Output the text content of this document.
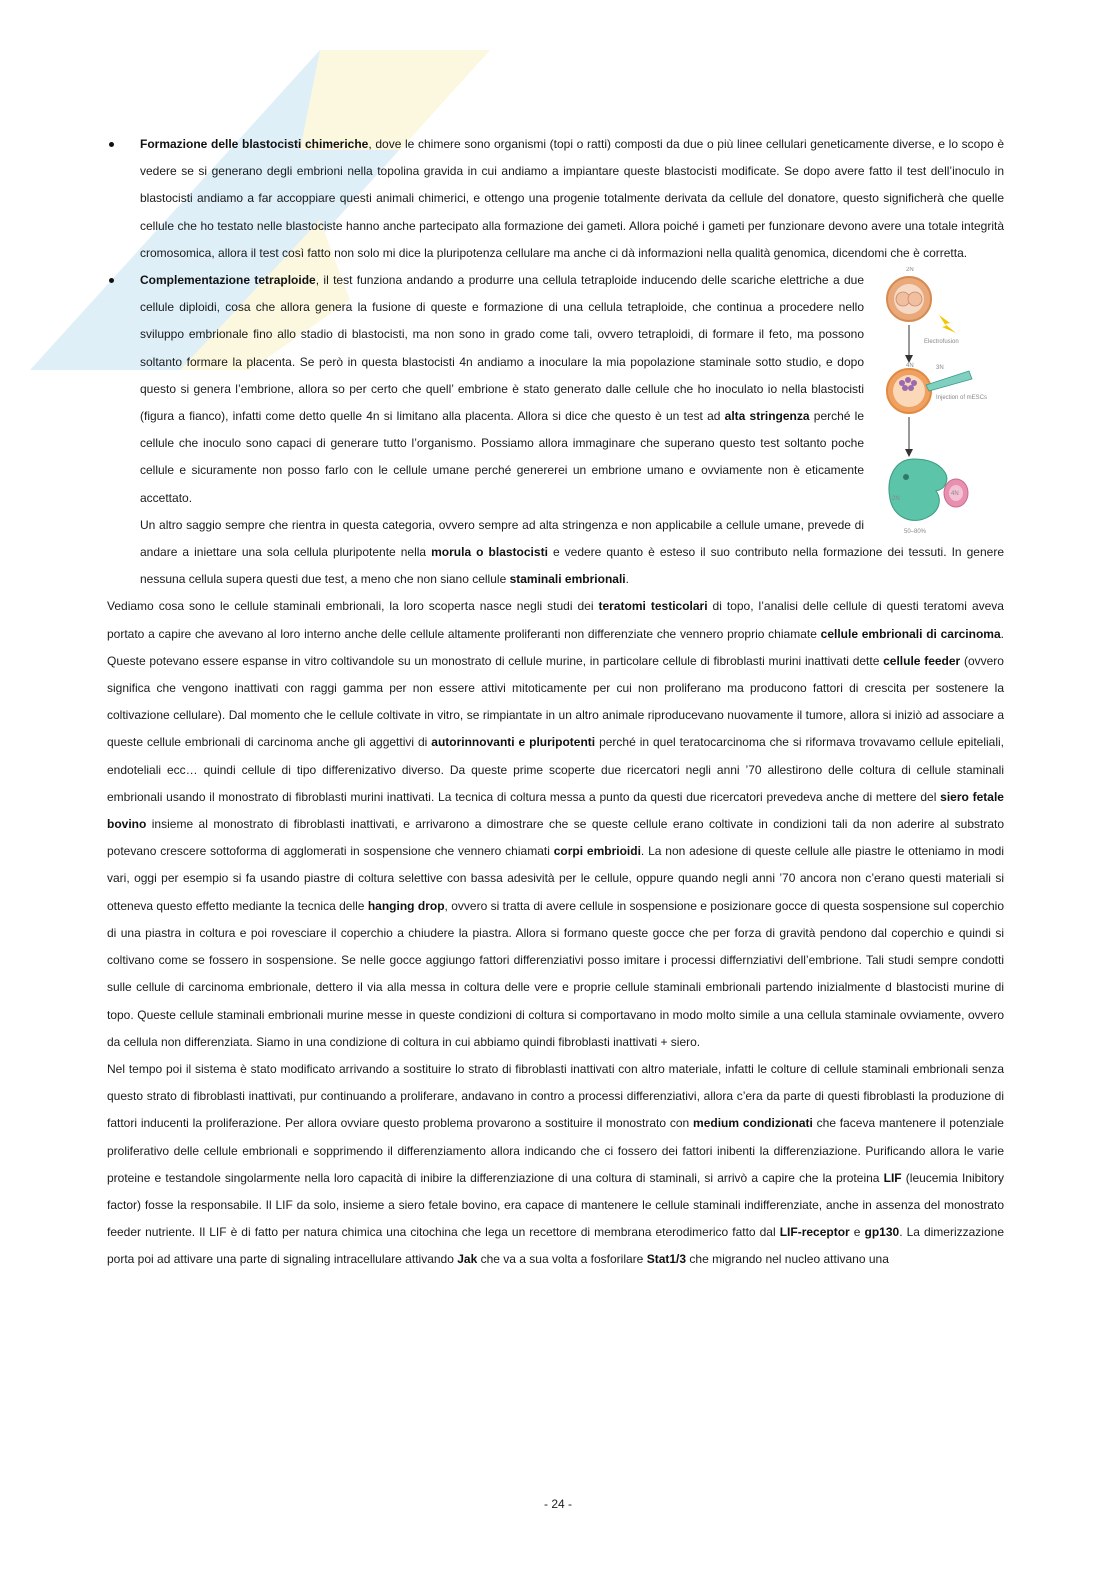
Formazione delle blastocisti chimeriche, dove le chimere sono organismi (topi o ratti) composti da due o più linee cellulari geneticamente diverse, e lo scopo è vedere se si generano degli embrioni nella topolina gravida in cui andiamo a impiantare queste blastocisti modificate. Se dopo avere fatto il test dell’inoculo in blastocisti andiamo a far accoppiare questi animali chimerici, e ottengo una progenie totalmente derivata da cellule del donatore, questo significherà che quelle cellule che ho testato nelle blastociste hanno anche partecipato alla formazione dei gameti. Allora poiché i gameti per funzionare devono avere una totale integrità cromosomica, allora il test così fatto non solo mi dice la pluripotenza cellulare ma anche ci dà informazioni nella qualità genomica, dicendomi che è corretta.

2N
Electrofusion
4N	3N
Injection of mESCs
2N
4N
50–80%

Complementazione tetraploide, il test funziona andando a produrre una cellula tetraploide inducendo delle scariche elettriche a due cellule diploidi, cosa che allora genera la fusione di queste e formazione di una cellula tetraploide, che continua a procedere nello sviluppo embrionale fino allo stadio di blastocisti, ma non sono in grado come tali, ovvero tetraploidi, di formare il feto, ma possono soltanto formare la placenta. Se però in questa blastocisti 4n andiamo a inoculare la mia popolazione staminale sotto studio, e dopo questo si genera l’embrione, allora so per certo che quell’ embrione è stato generato dalle cellule che ho inoculato io nella blastocisti (figura a fianco), infatti come detto quelle 4n si limitano alla placenta. Allora si dice che questo è un test ad alta stringenza perché le cellule che inoculo sono capaci di generare tutto l’organismo. Possiamo allora immaginare che superano questo test soltanto poche cellule e sicuramente non posso farlo con le cellule umane perché genererei un embrione umano e ovviamente non è eticamente accettato.

Un altro saggio sempre che rientra in questa categoria, ovvero sempre ad alta stringenza e non applicabile a cellule umane, prevede di andare a iniettare una sola cellula pluripotente nella morula o blastocisti e vedere quanto è esteso il suo contributo nella formazione dei tessuti. In genere nessuna cellula supera questi due test, a meno che non siano cellule staminali embrionali.

Vediamo cosa sono le cellule staminali embrionali, la loro scoperta nasce negli studi dei teratomi testicolari di topo, l’analisi delle cellule di questi teratomi aveva portato a capire che avevano al loro interno anche delle cellule altamente proliferanti non differenziate che vennero proprio chiamate cellule embrionali di carcinoma. Queste potevano essere espanse in vitro coltivandole su un monostrato di cellule murine, in particolare cellule di fibroblasti murini inattivati dette cellule feeder (ovvero significa che vengono inattivati con raggi gamma per non essere attivi mitoticamente per cui non proliferano ma producono fattori di crescita per sostenere la coltivazione cellulare). Dal momento che le cellule coltivate in vitro, se rimpiantate in un altro animale riproducevano nuovamente il tumore, allora si iniziò ad associare a queste cellule embrionali di carcinoma anche gli aggettivi di autorinnovanti e pluripotenti perché in quel teratocarcinoma che si riformava trovavamo cellule epiteliali, endoteliali ecc… quindi cellule di tipo differenizativo diverso. Da queste prime scoperte due ricercatori negli anni ’70 allestirono delle coltura di cellule staminali embrionali usando il monostrato di fibroblasti murini inattivati. La tecnica di coltura messa a punto da questi due ricercatori prevedeva anche di mettere del siero fetale bovino insieme al monostrato di fibroblasti inattivati, e arrivarono a dimostrare che se queste cellule erano coltivate in condizioni tali da non aderire al substrato potevano crescere sottoforma di agglomerati in sospensione che vennero chiamati corpi embrioidi. La non adesione di queste cellule alle piastre le otteniamo in modi vari, oggi per esempio si fa usando piastre di coltura selettive con bassa adesività per le cellule, oppure quando negli anni ’70 ancora non c’erano questi materiali si otteneva questo effetto mediante la tecnica delle hanging drop, ovvero si tratta di avere cellule in sospensione e posizionare gocce di questa sospensione sul coperchio di una piastra in coltura e poi rovesciare il coperchio a chiudere la piastra. Allora si formano queste gocce che per forza di gravità pendono dal coperchio e quindi si coltivano come se fossero in sospensione. Se nelle gocce aggiungo fattori differenziativi posso imitare i processi differnziativi dell’embrione. Tali studi sempre condotti sulle cellule di carcinoma embrionale, dettero il via alla messa in coltura delle vere e proprie cellule staminali embrionali partendo inizialmente d blastocisti murine di topo. Queste cellule staminali embrionali murine messe in queste condizioni di coltura si comportavano in modo molto simile a una cellula staminale ovviamente, ovvero da cellula non differenziata. Siamo in una condizione di coltura in cui abbiamo quindi fibroblasti inattivati + siero.

Nel tempo poi il sistema è stato modificato arrivando a sostituire lo strato di fibroblasti inattivati con altro materiale, infatti le colture di cellule staminali embrionali senza questo strato di fibroblasti inattivati, pur continuando a proliferare, andavano in contro a processi differenziativi, allora c’era da parte di questi fibroblasti la produzione di fattori inducenti la proliferazione. Per allora ovviare questo problema provarono a sostituire il monostrato con medium condizionati che faceva mantenere il potenziale proliferativo delle cellule embrionali e sopprimendo il differenziamento allora indicando che ci fossero dei fattori inibenti la differenziazione. Purificando allora le varie proteine e testandole singolarmente nella loro capacità di inibire la differenziazione di una coltura di staminali, si arrivò a capire che la proteina LIF (leucemia Inibitory factor) fosse la responsabile. Il LIF da solo, insieme a siero fetale bovino, era capace di mantenere le cellule staminali indifferenziate, anche in assenza del monostrato feeder nutriente. Il LIF è di fatto per natura chimica una citochina che lega un recettore di membrana eterodimerico fatto dal LIF-receptor e gp130. La dimerizzazione porta poi ad attivare una parte di signaling intracellulare attivando Jak che va a sua volta a fosforilare Stat1/3 che migrando nel nucleo attivano una

- 24 -
